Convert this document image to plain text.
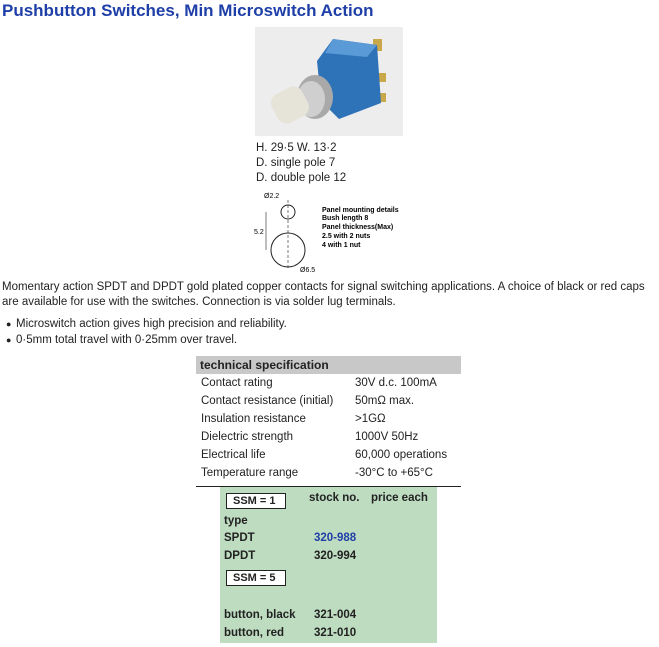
Pushbutton Switches, Min Microswitch Action
H. 29·5 W. 13·2
D. single pole 7
D. double pole 12
Ø2.2
5.2
Ø6.5
Panel mounting details
Bush length 8
Panel thickness(Max)
2.5 with 2 nuts
4 with 1 nut
Momentary action SPDT and DPDT gold plated copper contacts for signal switching applications. A choice of black or red caps are available for use with the switches. Connection is via solder lug terminals.
● Microswitch action gives high precision and reliability.
● 0·5mm total travel with 0·25mm over travel.
technical specification
Contact rating	30V d.c. 100mA
Contact resistance (initial)	50mΩ max.
Insulation resistance	>1GΩ
Dielectric strength	1000V 50Hz
Electrical life	60,000 operations
Temperature range	-30°C to +65°C
SSM = 1	stock no. price each
type
SPDT	320-988
DPDT	320-994
SSM = 5
button, black 321-004
button, red	321-010
